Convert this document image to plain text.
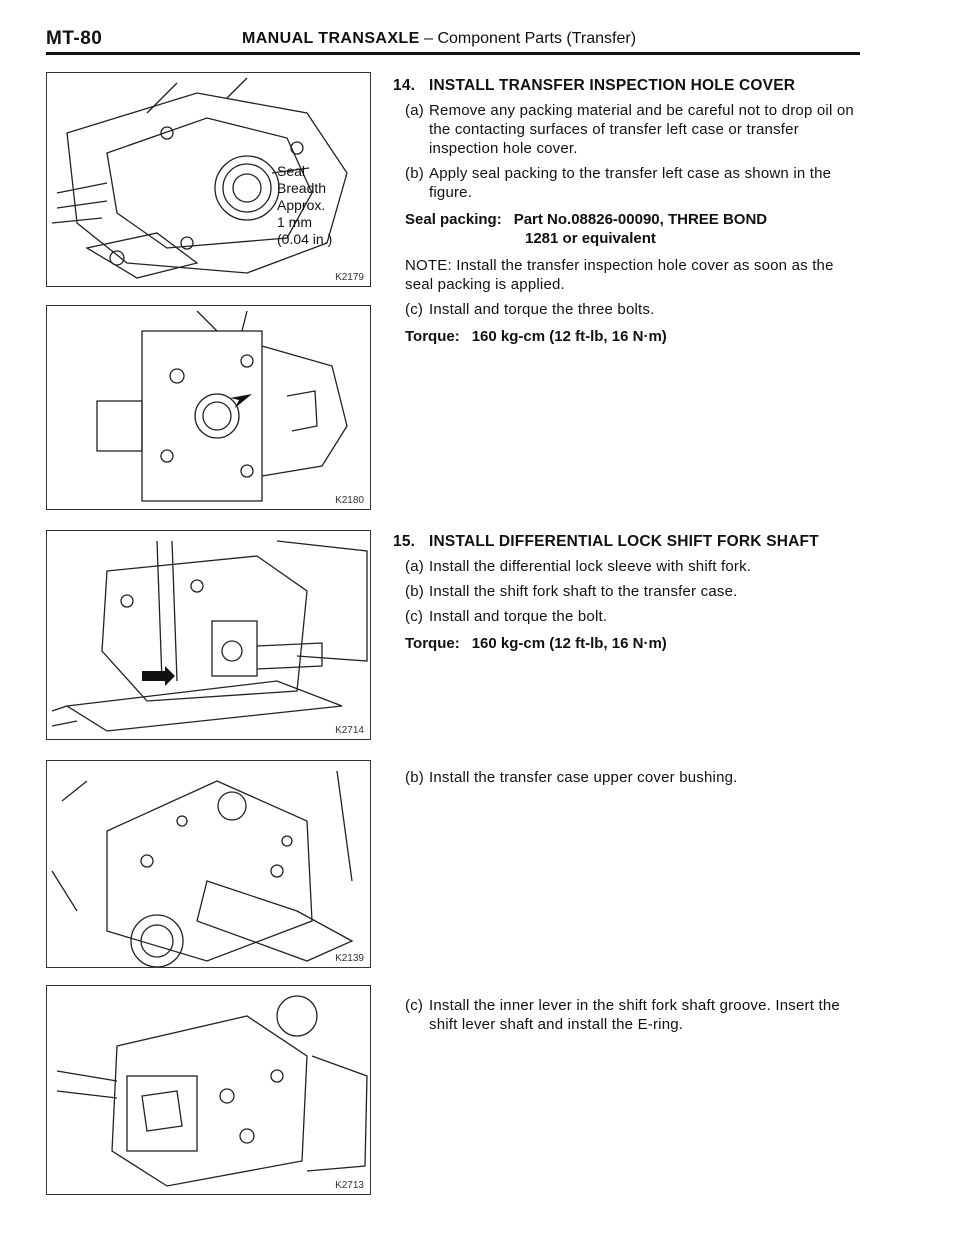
MT-80	MANUAL TRANSAXLE – Component Parts (Transfer)
Seal
Breadth
Approx.
1 mm
(0.04 in.)
K2179
K2180
K2714
K2139
K2713
14. INSTALL TRANSFER INSPECTION HOLE COVER
(a) Remove any packing material and be careful not to drop oil on the contacting surfaces of transfer left case or transfer inspection hole cover.
(b) Apply seal packing to the transfer left case as shown in the figure.
Seal packing: Part No.08826-00090, THREE BOND
1281 or equivalent
NOTE: Install the transfer inspection hole cover as soon as the seal packing is applied.
(c) Install and torque the three bolts.
Torque: 160 kg-cm (12 ft-lb, 16 N·m)
15. INSTALL DIFFERENTIAL LOCK SHIFT FORK SHAFT
(a) Install the differential lock sleeve with shift fork.
(b) Install the shift fork shaft to the transfer case.
(c) Install and torque the bolt.
Torque: 160 kg-cm (12 ft-lb, 16 N·m)
(b) Install the transfer case upper cover bushing.
(c) Install the inner lever in the shift fork shaft groove. Insert the shift lever shaft and install the E-ring.
